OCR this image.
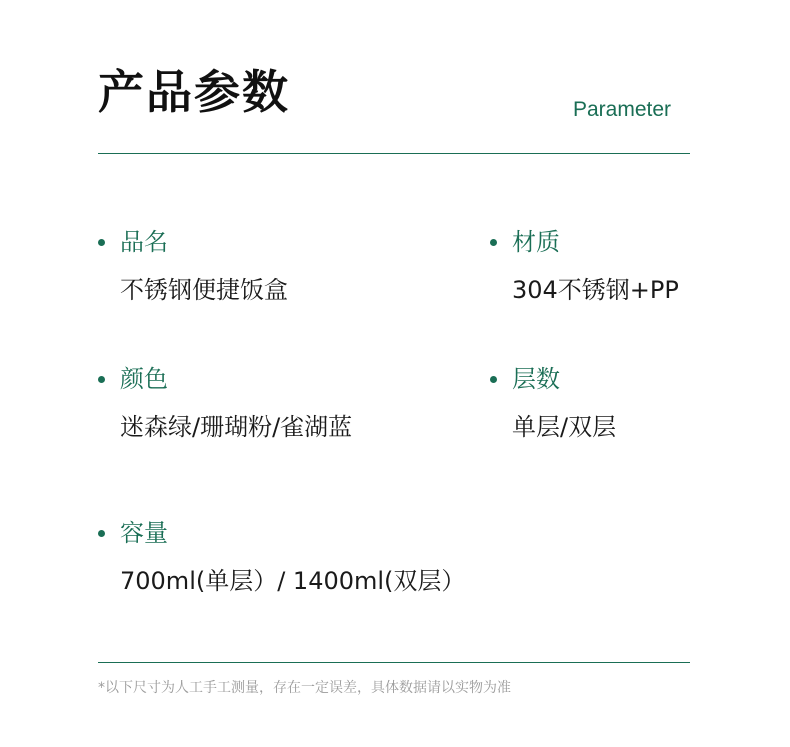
产品参数	Parameter
品名
不锈钢便捷饭盒
材质
304不锈钢+PP
颜色
迷森绿/珊瑚粉/雀湖蓝
层数
单层/双层
容量
700ml(单层）/ 1400ml(双层）
*以下尺寸为人工手工测量，存在一定误差，具体数据请以实物为准
